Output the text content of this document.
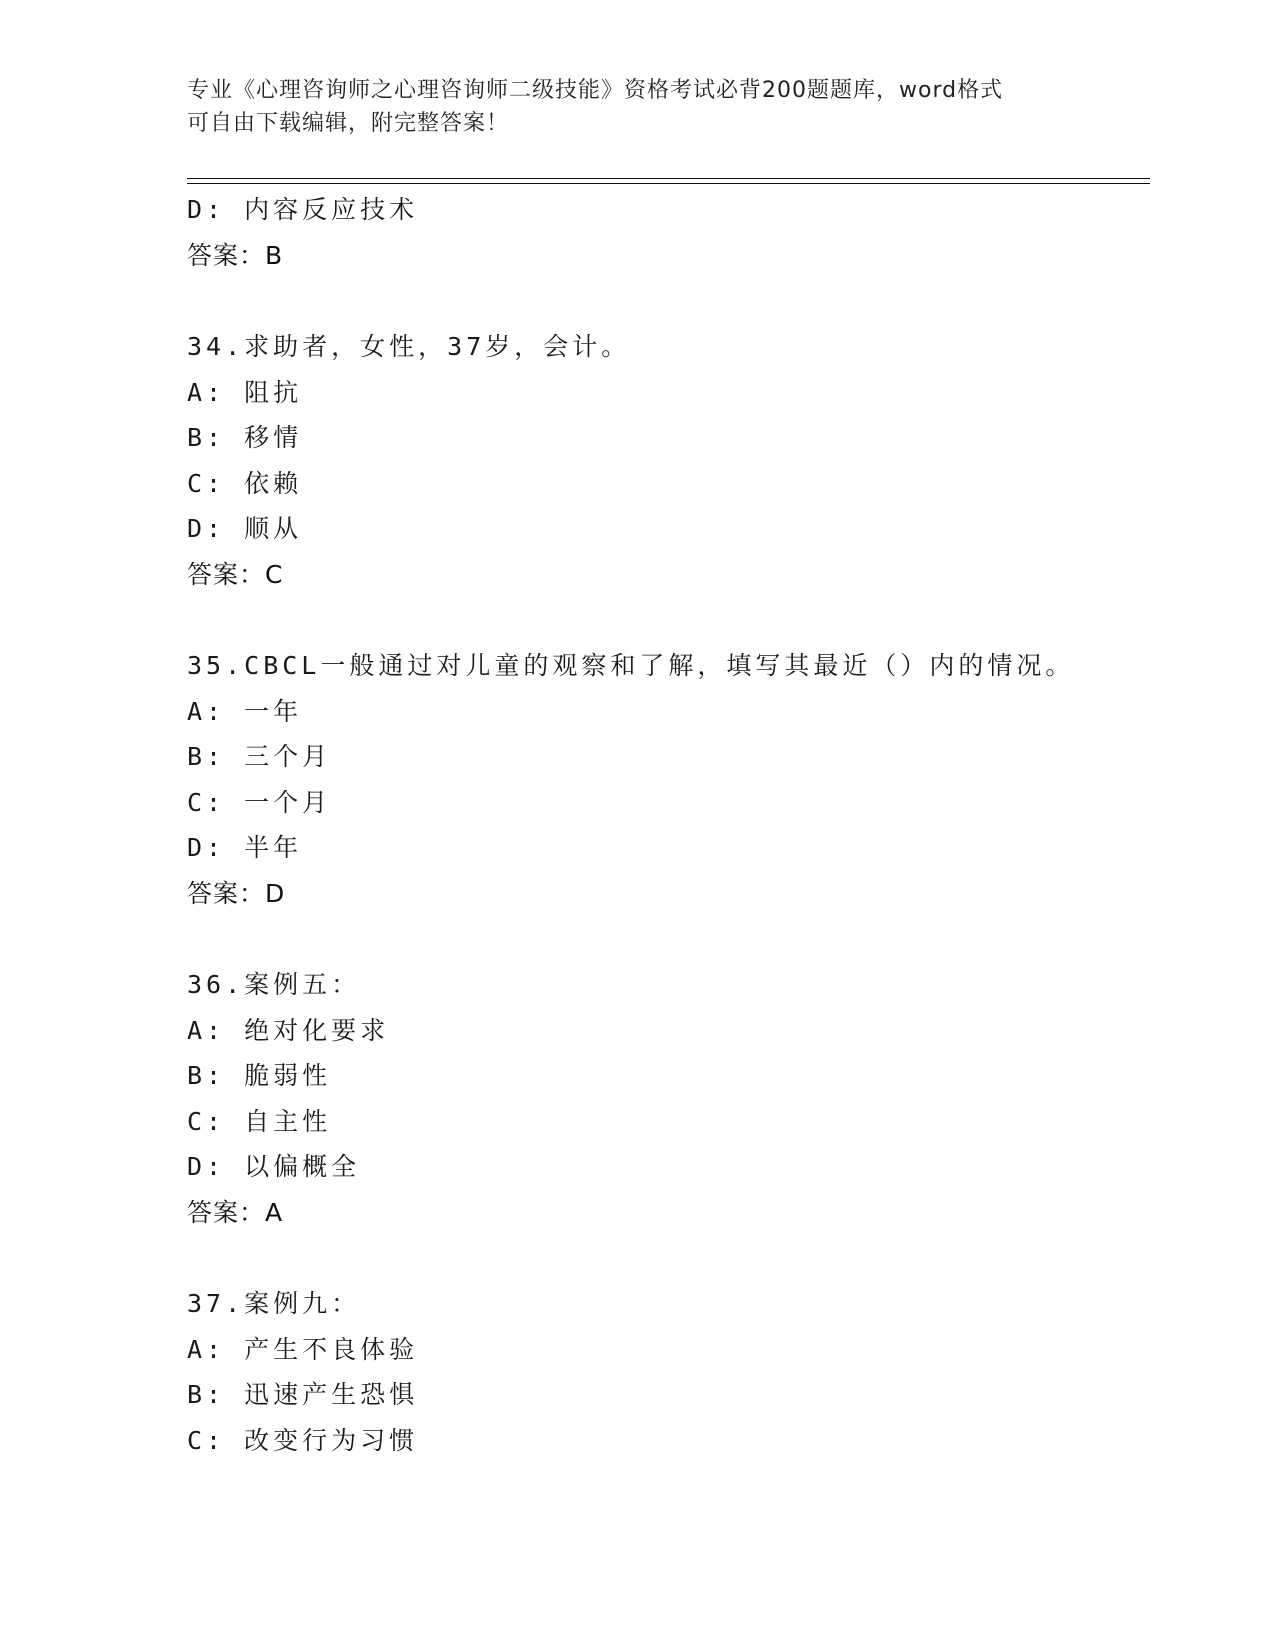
专业《心理咨询师之心理咨询师二级技能》资格考试必背200题题库，word格式
可自由下载编辑，附完整答案！
D: 内容反应技术
答案：B
34.求助者，女性，37岁，会计。
A: 阻抗
B: 移情
C: 依赖
D: 顺从
答案：C
35.CBCL一般通过对儿童的观察和了解，填写其最近（）内的情况。
A: 一年
B: 三个月
C: 一个月
D: 半年
答案：D
36.案例五：
A: 绝对化要求
B: 脆弱性
C: 自主性
D: 以偏概全
答案：A
37.案例九：
A: 产生不良体验
B: 迅速产生恐惧
C: 改变行为习惯
